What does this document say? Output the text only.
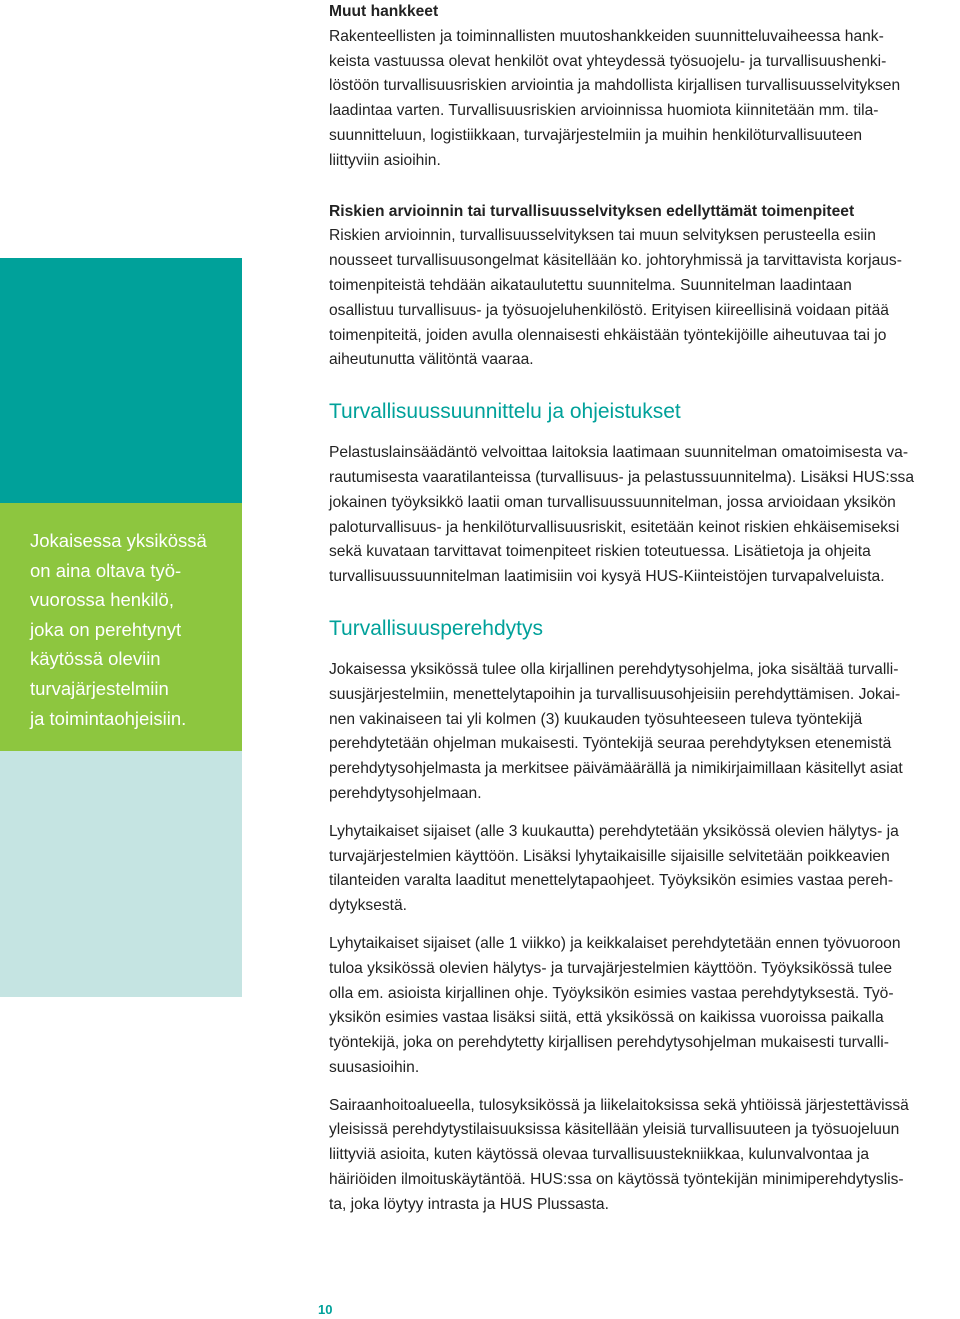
Jokaisessa yksikössä
on aina oltava työ-
vuorossa henkilö,
joka on perehtynyt
käytössä oleviin
turvajärjestelmiin
ja toimintaohjeisiin.

Muut hankkeet

Rakenteellisten ja toiminnallisten muutoshankkeiden suunnitteluvaiheessa hank-
keista vastuussa olevat henkilöt ovat yhteydessä työsuojelu- ja turvallisuushenki-
löstöön turvallisuusriskien arviointia ja mahdollista kirjallisen turvallisuusselvityksen
laadintaa varten. Turvallisuusriskien arvioinnissa huomiota kiinnitetään mm. tila-
suunnitteluun, logistiikkaan, turvajärjestelmiin ja muihin henkilöturvallisuuteen
liittyviin asioihin.

Riskien arvioinnin tai turvallisuusselvityksen edellyttämät toimenpiteet

Riskien arvioinnin, turvallisuusselvityksen tai muun selvityksen perusteella esiin
nousseet turvallisuusongelmat käsitellään ko. johtoryhmissä ja tarvittavista korjaus-
toimenpiteistä tehdään aikataulutettu suunnitelma. Suunnitelman laadintaan
osallistuu turvallisuus- ja työsuojeluhenkilöstö. Erityisen kiireellisinä voidaan pitää
toimenpiteitä, joiden avulla olennaisesti ehkäistään työntekijöille aiheutuvaa tai jo
aiheutunutta välitöntä vaaraa.

Turvallisuussuunnittelu ja ohjeistukset

Pelastuslainsäädäntö velvoittaa laitoksia laatimaan suunnitelman omatoimisesta va-
rautumisesta vaaratilanteissa (turvallisuus- ja pelastussuunnitelma). Lisäksi HUS:ssa
jokainen työyksikkö laatii oman turvallisuussuunnitelman, jossa arvioidaan yksikön
paloturvallisuus- ja henkilöturvallisuusriskit, esitetään keinot riskien ehkäisemiseksi
sekä kuvataan tarvittavat toimenpiteet riskien toteutuessa. Lisätietoja ja ohjeita
turvallisuussuunnitelman laatimisiin voi kysyä HUS-Kiinteistöjen turvapalveluista.

Turvallisuusperehdytys

Jokaisessa yksikössä tulee olla kirjallinen perehdytysohjelma, joka sisältää turvalli-
suusjärjestelmiin, menettelytapoihin ja turvallisuusohjeisiin perehdyttämisen. Jokai-
nen vakinaiseen tai yli kolmen (3) kuukauden työsuhteeseen tuleva työntekijä
perehdytetään ohjelman mukaisesti. Työntekijä seuraa perehdytyksen etenemistä
perehdytysohjelmasta ja merkitsee päivämäärällä ja nimikirjaimillaan käsitellyt asiat
perehdytysohjelmaan.

Lyhytaikaiset sijaiset (alle 3 kuukautta) perehdytetään yksikössä olevien hälytys- ja
turvajärjestelmien käyttöön. Lisäksi lyhytaikaisille sijaisille selvitetään poikkeavien
tilanteiden varalta laaditut menettelytapaohjeet. Työyksikön esimies vastaa pereh-
dytyksestä.

Lyhytaikaiset sijaiset (alle 1 viikko) ja keikkalaiset perehdytetään ennen työvuoroon
tuloa yksikössä olevien hälytys- ja turvajärjestelmien käyttöön. Työyksikössä tulee
olla em. asioista kirjallinen ohje. Työyksikön esimies vastaa perehdytyksestä. Työ-
yksikön esimies vastaa lisäksi siitä, että yksikössä on kaikissa vuoroissa paikalla
työntekijä, joka on perehdytetty kirjallisen perehdytysohjelman mukaisesti turvalli-
suusasioihin.

Sairaanhoitoalueella, tulosyksikössä ja liikelaitoksissa sekä yhtiöissä järjestettävissä
yleisissä perehdytystilaisuuksissa käsitellään yleisiä turvallisuuteen ja työsuojeluun
liittyviä asioita, kuten käytössä olevaa turvallisuustekniikkaa, kulunvalvontaa ja
häiriöiden ilmoituskäytäntöä. HUS:ssa on käytössä työntekijän minimiperehdytyslis-
ta, joka löytyy intrasta ja HUS Plussasta.

10
